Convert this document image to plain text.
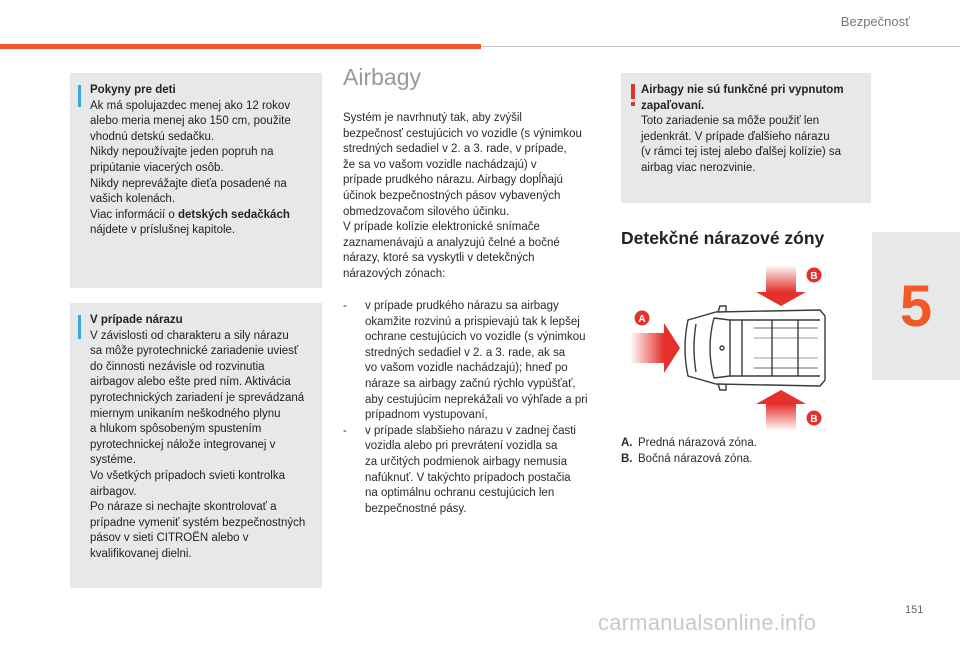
Bezpečnosť
5
Pokyny pre deti
Ak má spolujazdec menej ako 12 rokov
alebo meria menej ako 150 cm, použite
vhodnú detskú sedačku.
Nikdy nepoužívajte jeden popruh na
pripútanie viacerých osôb.
Nikdy neprevážajte dieťa posadené na
vašich kolenách.
Viac informácií o detských sedačkách
nájdete v príslušnej kapitole.
V prípade nárazu
V závislosti od charakteru a sily nárazu
sa môže pyrotechnické zariadenie uviesť
do činnosti nezávisle od rozvinutia
airbagov alebo ešte pred ním. Aktivácia
pyrotechnických zariadení je sprevádzaná
miernym unikaním neškodného plynu
a hlukom spôsobeným spustením
pyrotechnickej nálože integrovanej v
systéme.
Vo všetkých prípadoch svieti kontrolka
airbagov.
Po náraze si nechajte skontrolovať a
prípadne vymeniť systém bezpečnostných
pásov v sieti CITROËN alebo v
kvalifikovanej dielni.
Airbagy
Systém je navrhnutý tak, aby zvýšil
bezpečnosť cestujúcich vo vozidle (s výnimkou
stredných sedadiel v 2. a 3. rade, v prípade,
že sa vo vašom vozidle nachádzajú) v
prípade prudkého nárazu. Airbagy dopĺňajú
účinok bezpečnostných pásov vybavených
obmedzovačom silového účinku.
V prípade kolízie elektronické snímače
zaznamenávajú a analyzujú čelné a bočné
nárazy, ktoré sa vyskytli v detekčných
nárazových zónach:
- v prípade prudkého nárazu sa airbagy
okamžite rozvinú a prispievajú tak k lepšej
ochrane cestujúcich vo vozidle (s výnimkou
stredných sedadiel v 2. a 3. rade, ak sa
vo vašom vozidle nachádzajú); hneď po
náraze sa airbagy začnú rýchlo vypúšťať,
aby cestujúcim neprekážali vo výhľade a pri
prípadnom vystupovaní,
- v prípade slabšieho nárazu v zadnej časti
vozidla alebo pri prevrátení vozidla sa
za určitých podmienok airbagy nemusia
nafúknuť. V takýchto prípadoch postačia
na optimálnu ochranu cestujúcich len
bezpečnostné pásy.
Airbagy nie sú funkčné pri vypnutom
zapaľovaní.
Toto zariadenie sa môže použiť len
jedenkrát. V prípade ďalšieho nárazu
(v rámci tej istej alebo ďalšej kolízie) sa
airbag viac nerozvinie.
Detekčné nárazové zóny
B
B
A
A. Predná nárazová zóna.
B. Bočná nárazová zóna.
151
carmanualsonline.info
